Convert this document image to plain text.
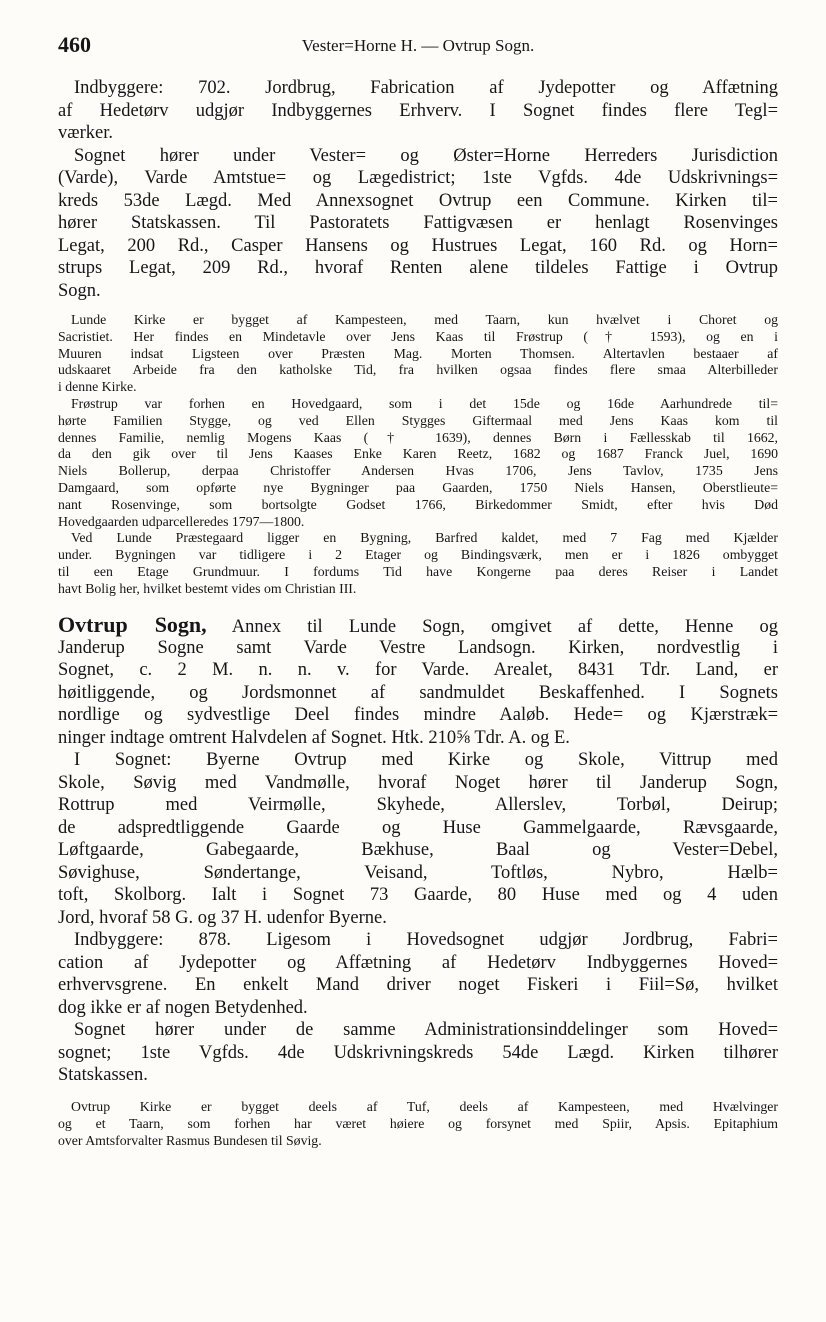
460	Vester=Horne H. — Ovtrup Sogn.
Indbyggere: 702. Jordbrug, Fabrication af Jydepotter og Affætning
af Hedetørv udgjør Indbyggernes Erhverv. I Sognet findes flere Tegl=
værker.
Sognet hører under Vester= og Øster=Horne Herreders Jurisdiction
(Varde), Varde Amtstue= og Lægedistrict; 1ste Vgfds. 4de Udskrivnings=
kreds 53de Lægd. Med Annexsognet Ovtrup een Commune. Kirken til=
hører Statskassen. Til Pastoratets Fattigvæsen er henlagt Rosenvinges
Legat, 200 Rd., Casper Hansens og Hustrues Legat, 160 Rd. og Horn=
strups Legat, 209 Rd., hvoraf Renten alene tildeles Fattige i Ovtrup
Sogn.
Lunde Kirke er bygget af Kampesteen, med Taarn, kun hvælvet i Choret og
Sacristiet. Her findes en Mindetavle over Jens Kaas til Frøstrup († 1593), og en i
Muuren indsat Ligsteen over Præsten Mag. Morten Thomsen. Altertavlen bestaaer af
udskaaret Arbeide fra den katholske Tid, fra hvilken ogsaa findes flere smaa Alterbilleder
i denne Kirke.
Frøstrup var forhen en Hovedgaard, som i det 15de og 16de Aarhundrede til=
hørte Familien Stygge, og ved Ellen Stygges Giftermaal med Jens Kaas kom til
dennes Familie, nemlig Mogens Kaas († 1639), dennes Børn i Fællesskab til 1662,
da den gik over til Jens Kaases Enke Karen Reetz, 1682 og 1687 Franck Juel, 1690
Niels Bollerup, derpaa Christoffer Andersen Hvas 1706, Jens Tavlov, 1735 Jens
Damgaard, som opførte nye Bygninger paa Gaarden, 1750 Niels Hansen, Oberstlieute=
nant Rosenvinge, som bortsolgte Godset 1766, Birkedommer Smidt, efter hvis Død
Hovedgaarden udparcelleredes 1797—1800.
Ved Lunde Præstegaard ligger en Bygning, Barfred kaldet, med 7 Fag med Kjælder
under. Bygningen var tidligere i 2 Etager og Bindingsværk, men er i 1826 ombygget
til een Etage Grundmuur. I fordums Tid have Kongerne paa deres Reiser i Landet
havt Bolig her, hvilket bestemt vides om Christian III.
Ovtrup Sogn, Annex til Lunde Sogn, omgivet af dette, Henne og
Janderup Sogne samt Varde Vestre Landsogn. Kirken, nordvestlig i
Sognet, c. 2 M. n. n. v. for Varde. Arealet, 8431 Tdr. Land, er
høitliggende, og Jordsmonnet af sandmuldet Beskaffenhed. I Sognets
nordlige og sydvestlige Deel findes mindre Aaløb. Hede= og Kjærstræk=
ninger indtage omtrent Halvdelen af Sognet. Htk. 210⅝ Tdr. A. og E.
I Sognet: Byerne Ovtrup med Kirke og Skole, Vittrup med
Skole, Søvig med Vandmølle, hvoraf Noget hører til Janderup Sogn,
Rottrup med Veirmølle, Skyhede, Allerslev, Torbøl, Deirup;
de adspredtliggende Gaarde og Huse Gammelgaarde, Rævsgaarde,
Løftgaarde, Gabegaarde, Bækhuse, Baal og Vester=Debel,
Søvighuse, Søndertange, Veisand, Toftløs, Nybro, Hælb=
toft, Skolborg. Ialt i Sognet 73 Gaarde, 80 Huse med og 4 uden
Jord, hvoraf 58 G. og 37 H. udenfor Byerne.
Indbyggere: 878. Ligesom i Hovedsognet udgjør Jordbrug, Fabri=
cation af Jydepotter og Affætning af Hedetørv Indbyggernes Hoved=
erhvervsgrene. En enkelt Mand driver noget Fiskeri i Fiil=Sø, hvilket
dog ikke er af nogen Betydenhed.
Sognet hører under de samme Administrationsinddelinger som Hoved=
sognet; 1ste Vgfds. 4de Udskrivningskreds 54de Lægd. Kirken tilhører
Statskassen.
Ovtrup Kirke er bygget deels af Tuf, deels af Kampesteen, med Hvælvinger
og et Taarn, som forhen har været høiere og forsynet med Spiir, Apsis. Epitaphium
over Amtsforvalter Rasmus Bundesen til Søvig.
